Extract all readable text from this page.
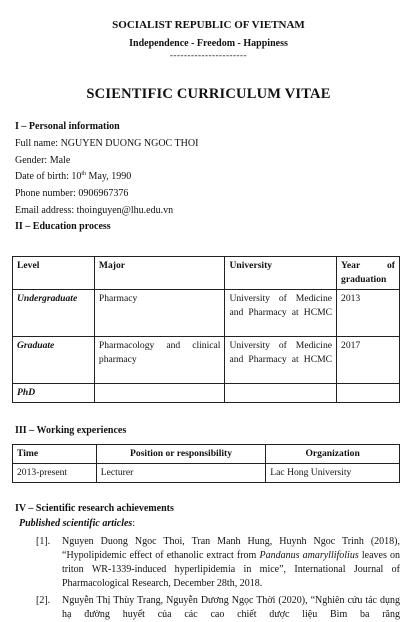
SOCIALIST REPUBLIC OF VIETNAM
Independence - Freedom - Happiness
----------------------
SCIENTIFIC CURRICULUM VITAE
I – Personal information
Full name: NGUYEN DUONG NGOC THOI
Gender: Male
Date of birth: 10th May, 1990
Phone number: 0906967376
Email address: thoinguyen@lhu.edu.vn
II – Education process
Level	Major	University	Year of graduation

Undergraduate	Pharmacy	University of Medicine and Pharmacy at HCMC	2013
Graduate	Pharmacology and clinical pharmacy	University of Medicine and Pharmacy at HCMC	2017
PhD			
III – Working experiences
Time	Position or responsibility	Organization
2013-present	Lecturer	Lac Hong University
IV – Scientific research achievements
Published scientific articles:
[1]. Nguyen Duong Ngoc Thoi, Tran Manh Hung, Huynh Ngoc Trinh (2018), “Hypolipidemic effect of ethanolic extract from Pandanus amaryllifolius leaves on triton WR-1339-induced hyperlipidemia in mice”, International Journal of Pharmacological Research, December 28th, 2018.
[2]. Nguyễn Thị Thùy Trang, Nguyễn Dương Ngọc Thời (2020), “Nghiên cứu tác dụng hạ đường huyết của các cao chiết dược liệu Bìm ba răng
